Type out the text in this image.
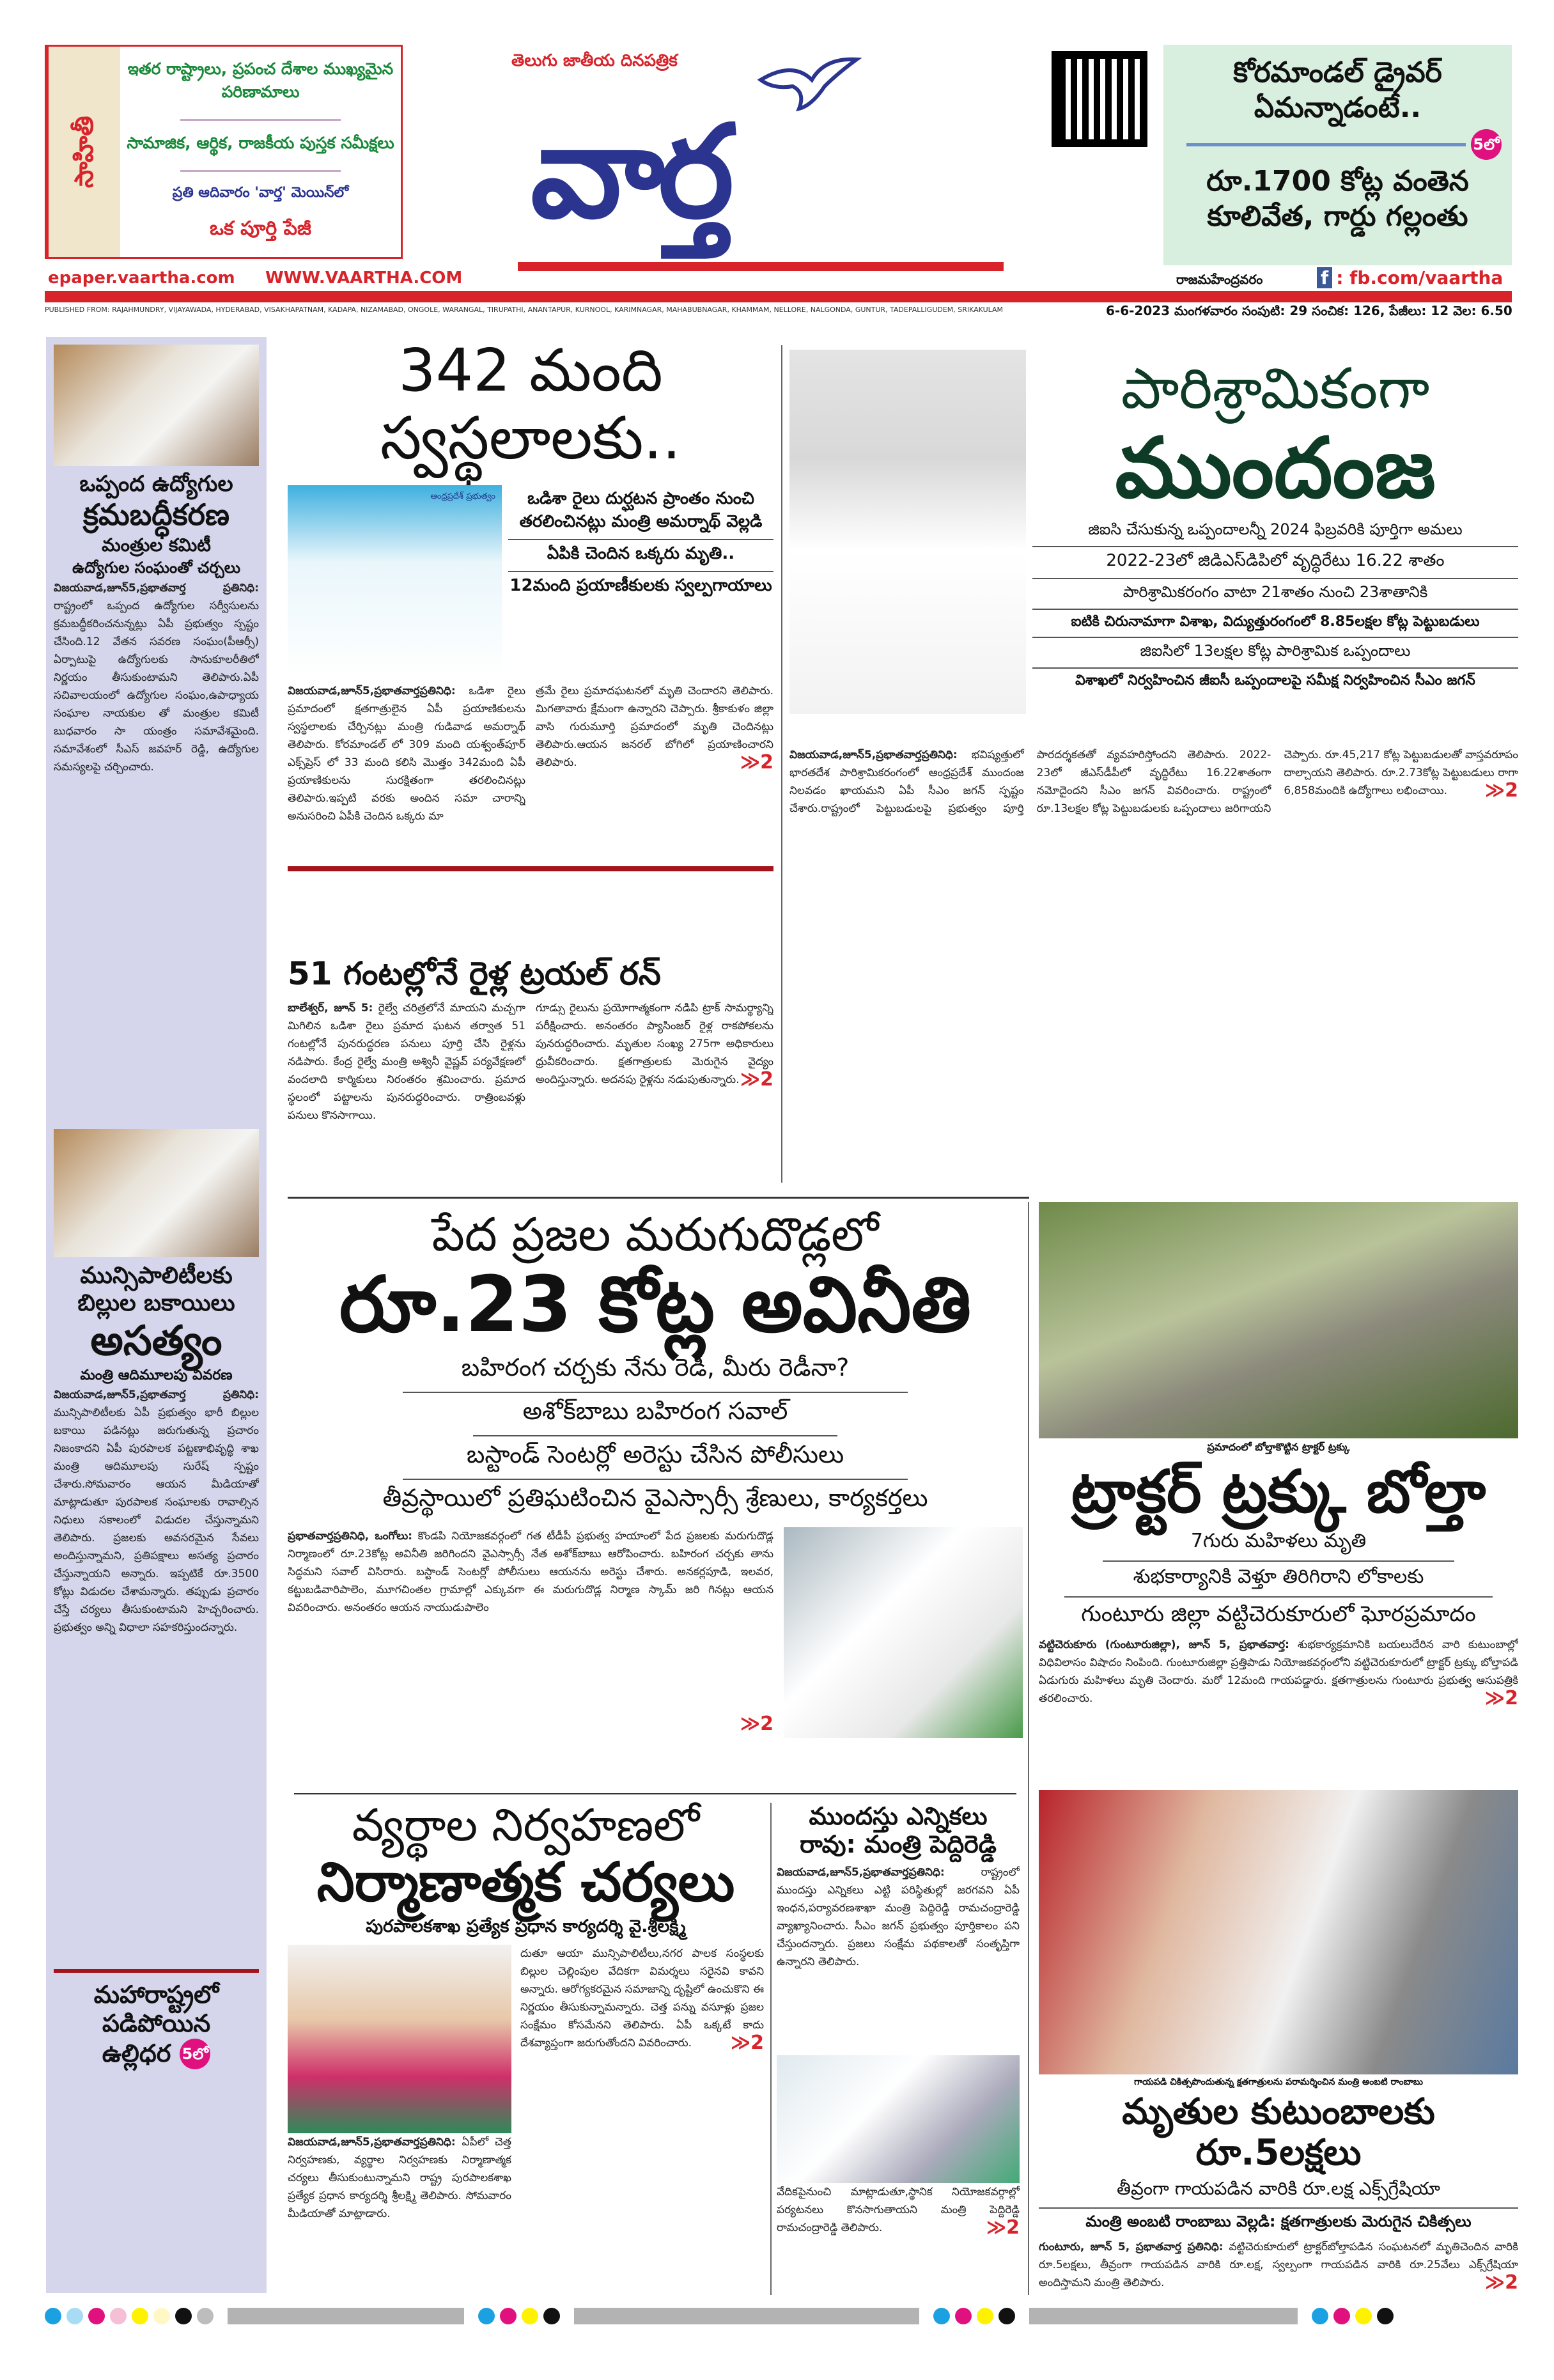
సాహితీ
ఇతర రాష్ట్రాలు, ప్రపంచ దేశాల ముఖ్యమైన పరిణామాలు
సామాజిక, ఆర్థిక, రాజకీయ పుస్తక సమీక్షలు
ప్రతి ఆదివారం 'వార్త' మెయిన్‌లో
ఒక పూర్తి పేజీ
epaper.vaartha.com WWW.VAARTHA.COM
తెలుగు జాతీయ దినపత్రిక
వార్త
కోరమాండల్ డ్రైవర్ ఏమన్నాడంటే..
5లో
రూ.1700 కోట్ల వంతెన కూలివేత, గార్డు గల్లంతు
రాజమహేంద్రవరం	f : fb.com/vaartha
PUBLISHED FROM: RAJAHMUNDRY, VIJAYAWADA, HYDERABAD, VISAKHAPATNAM, KADAPA, NIZAMABAD, ONGOLE, WARANGAL, TIRUPATHI, ANANTAPUR, KURNOOL, KARIMNAGAR, MAHABUBNAGAR, KHAMMAM, NELLORE, NALGONDA, GUNTUR, TADEPALLIGUDEM, SRIKAKULAM	6-6-2023 మంగళవారం సంపుటి: 29 సంచిక: 126, పేజీలు: 12 వెల: 6.50
ఒప్పంద ఉద్యోగుల
క్రమబద్ధీకరణ
మంత్రుల కమిటీ
ఉద్యోగుల సంఘంతో చర్చలు
విజయవాడ,జూన్5,ప్రభాతవార్త ప్రతినిధి: రాష్ట్రంలో ఒప్పంద ఉద్యోగుల సర్వీసులను క్రమబద్ధీకరించనున్నట్లు ఏపీ ప్రభుత్వం స్పష్టం చేసింది.12 వేతన సవరణ సంఘం(పీఆర్సీ) ఏర్పాటుపై ఉద్యోగులకు సానుకూలరీతిలో నిర్ణయం తీసుకుంటామని తెలిపారు.ఏపీ సచివాలయంలో ఉద్యోగుల సంఘం,ఉపాధ్యాయ సంఘాల నాయకుల తో మంత్రుల కమిటీ బుధవారం సా యంత్రం సమావేశమైంది. సమావేశంలో సీఎస్ జవహర్ రెడ్డి, ఉద్యోగుల సమస్యలపై చర్చించారు.
మున్సిపాలిటీలకు
బిల్లుల బకాయిలు
అసత్యం
మంత్రి ఆదిమూలపు వివరణ
విజయవాడ,జూన్5,ప్రభాతవార్త ప్రతినిధి: మున్సిపాలిటీలకు ఏపీ ప్రభుత్వం భారీ బిల్లుల బకాయి పడినట్లు జరుగుతున్న ప్రచారం నిజంకాదని ఏపీ పురపాలక పట్టణాభివృద్ధి శాఖ మంత్రి ఆదిమూలపు సురేష్ స్పష్టం చేశారు.సోమవారం ఆయన మీడియాతో మాట్లాడుతూ పురపాలక సంఘాలకు రావాల్సిన నిధులు సకాలంలో విడుదల చేస్తున్నామని తెలిపారు. ప్రజలకు అవసరమైన సేవలు అందిస్తున్నామని, ప్రతిపక్షాలు అసత్య ప్రచారం చేస్తున్నాయని అన్నారు. ఇప్పటికే రూ.3500 కోట్లు విడుదల చేశామన్నారు. తప్పుడు ప్రచారం చేస్తే చర్యలు తీసుకుంటామని హెచ్చరించారు. ప్రభుత్వం అన్ని విధాలా సహకరిస్తుందన్నారు.
మహారాష్ట్రలో
పడిపోయిన
ఉల్లిధర 5లో
342 మంది
స్వస్థలాలకు..
ఆంధ్రప్రదేశ్ ప్రభుత్వం	ఒడిశా రైలు దుర్ఘటన ప్రాంతం నుంచి తరలించినట్లు మంత్రి అమర్నాథ్ వెల్లడి
ఏపికి చెందిన ఒక్కరు మృతి..
12మంది ప్రయాణీకులకు స్వల్పగాయాలు
విజయవాడ,జూన్5,ప్రభాతవార్తప్రతినిధి: ఒడిశా రైలు ప్రమాదంలో క్షతగాత్రులైన ఏపీ ప్రయాణికులను స్వస్థలాలకు చేర్చినట్లు మంత్రి గుడివాడ అమర్నాథ్ తెలిపారు. కోరమాండల్ లో 309 మంది యశ్వంత్‌పూర్ ఎక్స్‌ప్రెస్ లో 33 మంది కలిసి మొత్తం 342మంది ఏపీ ప్రయాణికులను సురక్షితంగా తరలించినట్లు తెలిపారు.ఇప్పటి వరకు అందిన సమా చారాన్ని అనుసరించి ఏపీకి చెందిన ఒక్కరు మా
త్రమే రైలు ప్రమాదఘటనలో మృతి చెందారని తెలిపారు. మిగతావారు క్షేమంగా ఉన్నారని చెప్పారు. శ్రీకాకుళం జిల్లా వాసి గురుమూర్తి ప్రమాదంలో మృతి చెందినట్లు తెలిపారు.ఆయన జనరల్ బోగిలో ప్రయాణించారని తెలిపారు.	≫2
51 గంటల్లోనే రైళ్ల ట్రయల్ రన్
బాలేశ్వర్, జూన్ 5: రైల్వే చరిత్రలోనే మాయని మచ్చగా మిగిలిన ఒడిశా రైలు ప్రమాద ఘటన తర్వాత 51 గంటల్లోనే పునరుద్ధరణ పనులు పూర్తి చేసి రైళ్లను నడిపారు. కేంద్ర రైల్వే మంత్రి అశ్వినీ వైష్ణవ్ పర్యవేక్షణలో వందలాది కార్మికులు నిరంతరం శ్రమించారు. ప్రమాద స్థలంలో పట్టాలను పునరుద్ధరించారు. రాత్రింబవళ్లు పనులు కొనసాగాయి.
గూడ్సు రైలును ప్రయోగాత్మకంగా నడిపి ట్రాక్ సామర్థ్యాన్ని పరీక్షించారు. అనంతరం ప్యాసింజర్ రైళ్ల రాకపోకలను పునరుద్ధరించారు. మృతుల సంఖ్య 275గా అధికారులు ధ్రువీకరించారు. క్షతగాత్రులకు మెరుగైన వైద్యం అందిస్తున్నారు. అదనపు రైళ్లను నడుపుతున్నారు. ≫2
పారిశ్రామికంగా
ముందంజ
జిఐసి చేసుకున్న ఒప్పందాలన్నీ 2024 ఫిబ్రవరికి పూర్తిగా అమలు
2022-23లో జిడిఎస్‌డిపిలో వృద్ధిరేటు 16.22 శాతం
పారిశ్రామికరంగం వాటా 21శాతం నుంచి 23శాతానికి
ఐటికి చిరునామాగా విశాఖ, విద్యుత్తురంగంలో 8.85లక్షల కోట్ల పెట్టుబడులు
జిఐసిలో 13లక్షల కోట్ల పారిశ్రామిక ఒప్పందాలు
విశాఖలో నిర్వహించిన జీఐసీ ఒప్పందాలపై సమీక్ష నిర్వహించిన సీఎం జగన్
విజయవాడ,జూన్5,ప్రభాతవార్తప్రతినిధి: భవిష్యత్తులో భారతదేశ పారిశ్రామికరంగంలో ఆంధ్రప్రదేశ్ ముందంజ నిలవడం ఖాయమని ఏపీ సీఎం జగన్ స్పష్టం చేశారు.రాష్ట్రంలో పెట్టుబడులపై ప్రభుత్వం పూర్తి పారదర్శకతతో వ్యవహరిస్తోందని తెలిపారు. 2022-23లో జీఎస్‌డీపీలో వృద్ధిరేటు 16.22శాతంగా నమోదైందని సీఎం జగన్ వివరించారు. రాష్ట్రంలో రూ.13లక్షల కోట్ల పెట్టుబడులకు ఒప్పందాలు జరిగాయని చెప్పారు. రూ.45,217 కోట్ల పెట్టుబడులతో వాస్తవరూపం దాల్చాయని తెలిపారు. రూ.2.73కోట్ల పెట్టుబడులు రాగా 6,858మందికి ఉద్యోగాలు లభించాయి. ≫2
పేద ప్రజల మరుగుదొడ్లలో
రూ.23 కోట్ల అవినీతి
బహిరంగ చర్చకు నేను రెడీ, మీరు రెడీనా?
అశోక్‌బాబు బహిరంగ సవాల్
బస్టాండ్ సెంటర్లో అరెస్టు చేసిన పోలీసులు
తీవ్రస్థాయిలో ప్రతిఘటించిన వైఎస్సార్సీ శ్రేణులు, కార్యకర్తలు
ప్రభాతవార్తప్రతినిధి, ఒంగోలు: కొండపి నియోజకవర్గంలో గత టీడీపీ ప్రభుత్వ హయాంలో పేద ప్రజలకు మరుగుదొడ్ల నిర్మాణంలో రూ.23కోట్ల అవినీతి జరిగిందని వైఎస్సార్సీ నేత అశోక్‌బాబు ఆరోపించారు. బహిరంగ చర్చకు తాను సిద్ధమని సవాల్ విసిరారు. బస్టాండ్ సెంటర్లో పోలీసులు ఆయనను అరెస్టు చేశారు. అనకర్లపూడి, ఇలవర, కట్టుబడివారిపాలెం, మూగచింతల గ్రామాల్లో ఎక్కువగా ఈ మరుగుదొడ్ల నిర్మాణ స్కామ్ జరి గినట్లు ఆయన వివరించారు. అనంతరం ఆయన నాయుడుపాలెం
≫2
ప్రమాదంలో బోల్తాకొట్టిన ట్రాక్టర్ ట్రక్కు
ట్రాక్టర్ ట్రక్కు బోల్తా
7గురు మహిళలు మృతి
శుభకార్యానికి వెళ్తూ తిరిగిరాని లోకాలకు
గుంటూరు జిల్లా వట్టిచెరుకూరులో ఘోరప్రమాదం
వట్టిచెరుకూరు (గుంటూరుజిల్లా), జూన్ 5, ప్రభాతవార్త: శుభకార్యక్రమానికి బయలుదేరిన వారి కుటుంబాల్లో విధివిలాసం విషాదం నింపింది. గుంటూరుజిల్లా ప్రత్తిపాడు నియోజకవర్గంలోని వట్టిచెరుకూరులో ట్రాక్టర్ ట్రక్కు బోల్తాపడి ఏడుగురు మహిళలు మృతి చెందారు. మరో 12మంది గాయపడ్డారు. క్షతగాత్రులను గుంటూరు ప్రభుత్వ ఆసుపత్రికి తరలించారు.	≫2
గాయపడి చికిత్సపొందుతున్న క్షతగాత్రులను పరామర్శించిన మంత్రి అంబటి రాంబాబు
మృతుల కుటుంబాలకు రూ.5లక్షలు
తీవ్రంగా గాయపడిన వారికి రూ.లక్ష ఎక్స్‌గ్రేషియా
మంత్రి అంబటి రాంబాబు వెల్లడి: క్షతగాత్రులకు మెరుగైన చికిత్సలు
గుంటూరు, జూన్ 5, ప్రభాతవార్త ప్రతినిధి: వట్టిచెరుకూరులో ట్రాక్టర్‌బోల్తాపడిన సంఘటనలో మృతిచెందిన వారికి రూ.5లక్షలు, తీవ్రంగా గాయపడిన వారికి రూ.లక్ష, స్వల్పంగా గాయపడిన వారికి రూ.25వేలు ఎక్స్‌గ్రేషియా అందిస్తామని మంత్రి తెలిపారు.	≫2
వ్యర్థాల నిర్వహణలో
నిర్మాణాత్మక చర్యలు
పురపాలకశాఖ ప్రత్యేక ప్రధాన కార్యదర్శి వై.శ్రీలక్ష్మి
విజయవాడ,జూన్5,ప్రభాతవార్తప్రతినిధి: ఏపీలో చెత్త నిర్వహణకు, వ్యర్థాల నిర్వహణకు నిర్మాణాత్మక చర్యలు తీసుకుంటున్నామని రాష్ట్ర పురపాలకశాఖ ప్రత్యేక ప్రధాన కార్యదర్శి శ్రీలక్ష్మి తెలిపారు. సోమవారం మీడియాతో మాట్లాడారు.
దుతూ ఆయా మున్సిపాలిటీలు,నగర పాలక సంస్థలకు బిల్లుల చెల్లింపుల వేదికగా విమర్శలు సరైనవి కావని అన్నారు. ఆరోగ్యకరమైన సమాజాన్ని దృష్టిలో ఉంచుకొని ఈ నిర్ణయం తీసుకున్నామన్నారు. చెత్త పన్ను వసూళ్లు ప్రజల సంక్షేమం కోసమేనని తెలిపారు. ఏపీ ఒక్కటే కాదు దేశవ్యాప్తంగా జరుగుతోందని వివరించారు. ≫2
ముందస్తు ఎన్నికలు
రావు: మంత్రి పెద్దిరెడ్డి
విజయవాడ,జూన్5,ప్రభాతవార్తప్రతినిధి:	రాష్ట్రంలో ముందస్తు ఎన్నికలు ఎట్టి పరిస్థితుల్లో జరగవని ఏపీ ఇంధన,పర్యావరణశాఖా మంత్రి పెద్దిరెడ్డి రామచంద్రారెడ్డి వ్యాఖ్యానించారు. సీఎం జగన్ ప్రభుత్వం పూర్తికాలం పని చేస్తుందన్నారు. ప్రజలు సంక్షేమ పథకాలతో సంతృప్తిగా ఉన్నారని తెలిపారు.
వేదికపైనుంచి మాట్లాడుతూ,స్థానిక నియోజకవర్గాల్లో పర్యటనలు కొనసాగుతాయని మంత్రి పెద్దిరెడ్డి రామచంద్రారెడ్డి తెలిపారు.	≫2
